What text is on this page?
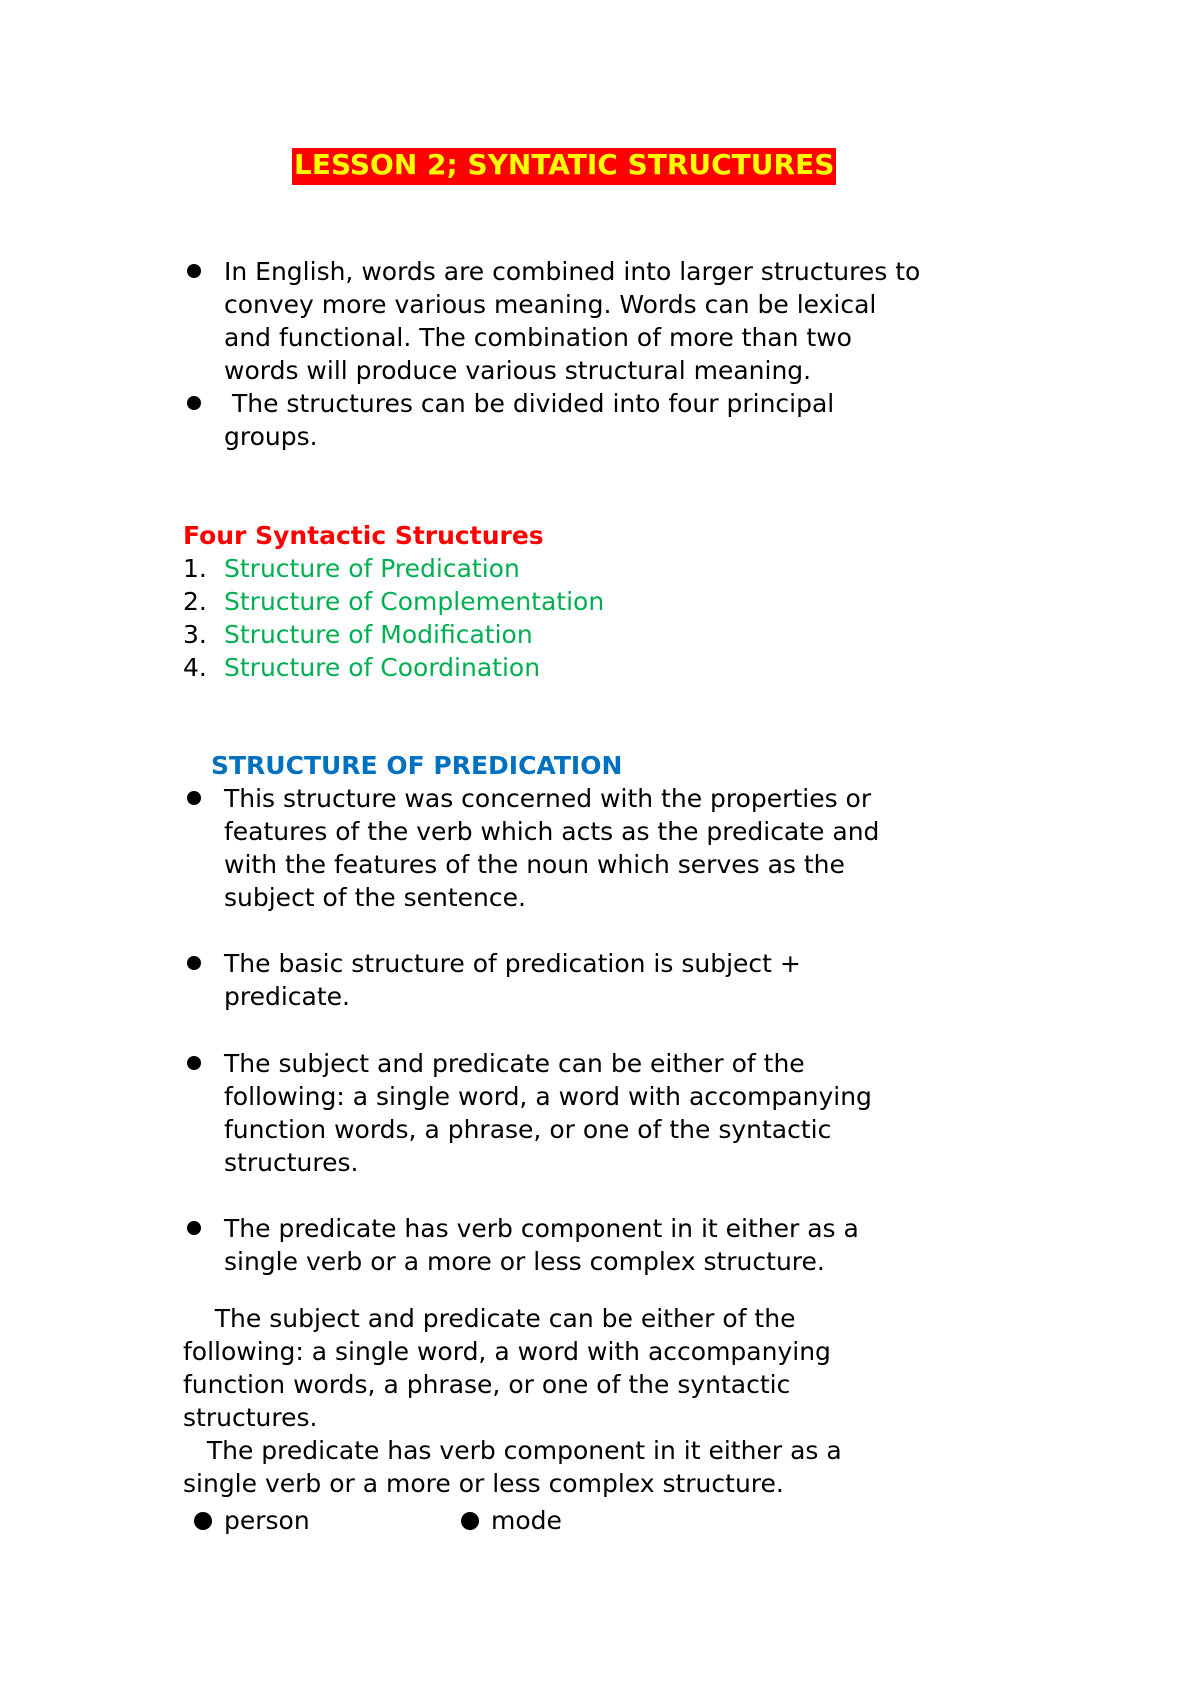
LESSON 2; SYNTATIC STRUCTURES
In English, words are combined into larger structures to
convey more various meaning. Words can be lexical
and functional. The combination of more than two
words will produce various structural meaning.
The structures can be divided into four principal
groups.
Four Syntactic Structures
1. Structure of Predication
2. Structure of Complementation
3. Structure of Modification
4. Structure of Coordination
STRUCTURE OF PREDICATION
This structure was concerned with the properties or
features of the verb which acts as the predicate and
with the features of the noun which serves as the
subject of the sentence.
The basic structure of predication is subject +
predicate.
The subject and predicate can be either of the
following: a single word, a word with accompanying
function words, a phrase, or one of the syntactic
structures.
The predicate has verb component in it either as a
single verb or a more or less complex structure.
The subject and predicate can be either of the
following: a single word, a word with accompanying
function words, a phrase, or one of the syntactic
structures.
The predicate has verb component in it either as a
single verb or a more or less complex structure.
person	mode
